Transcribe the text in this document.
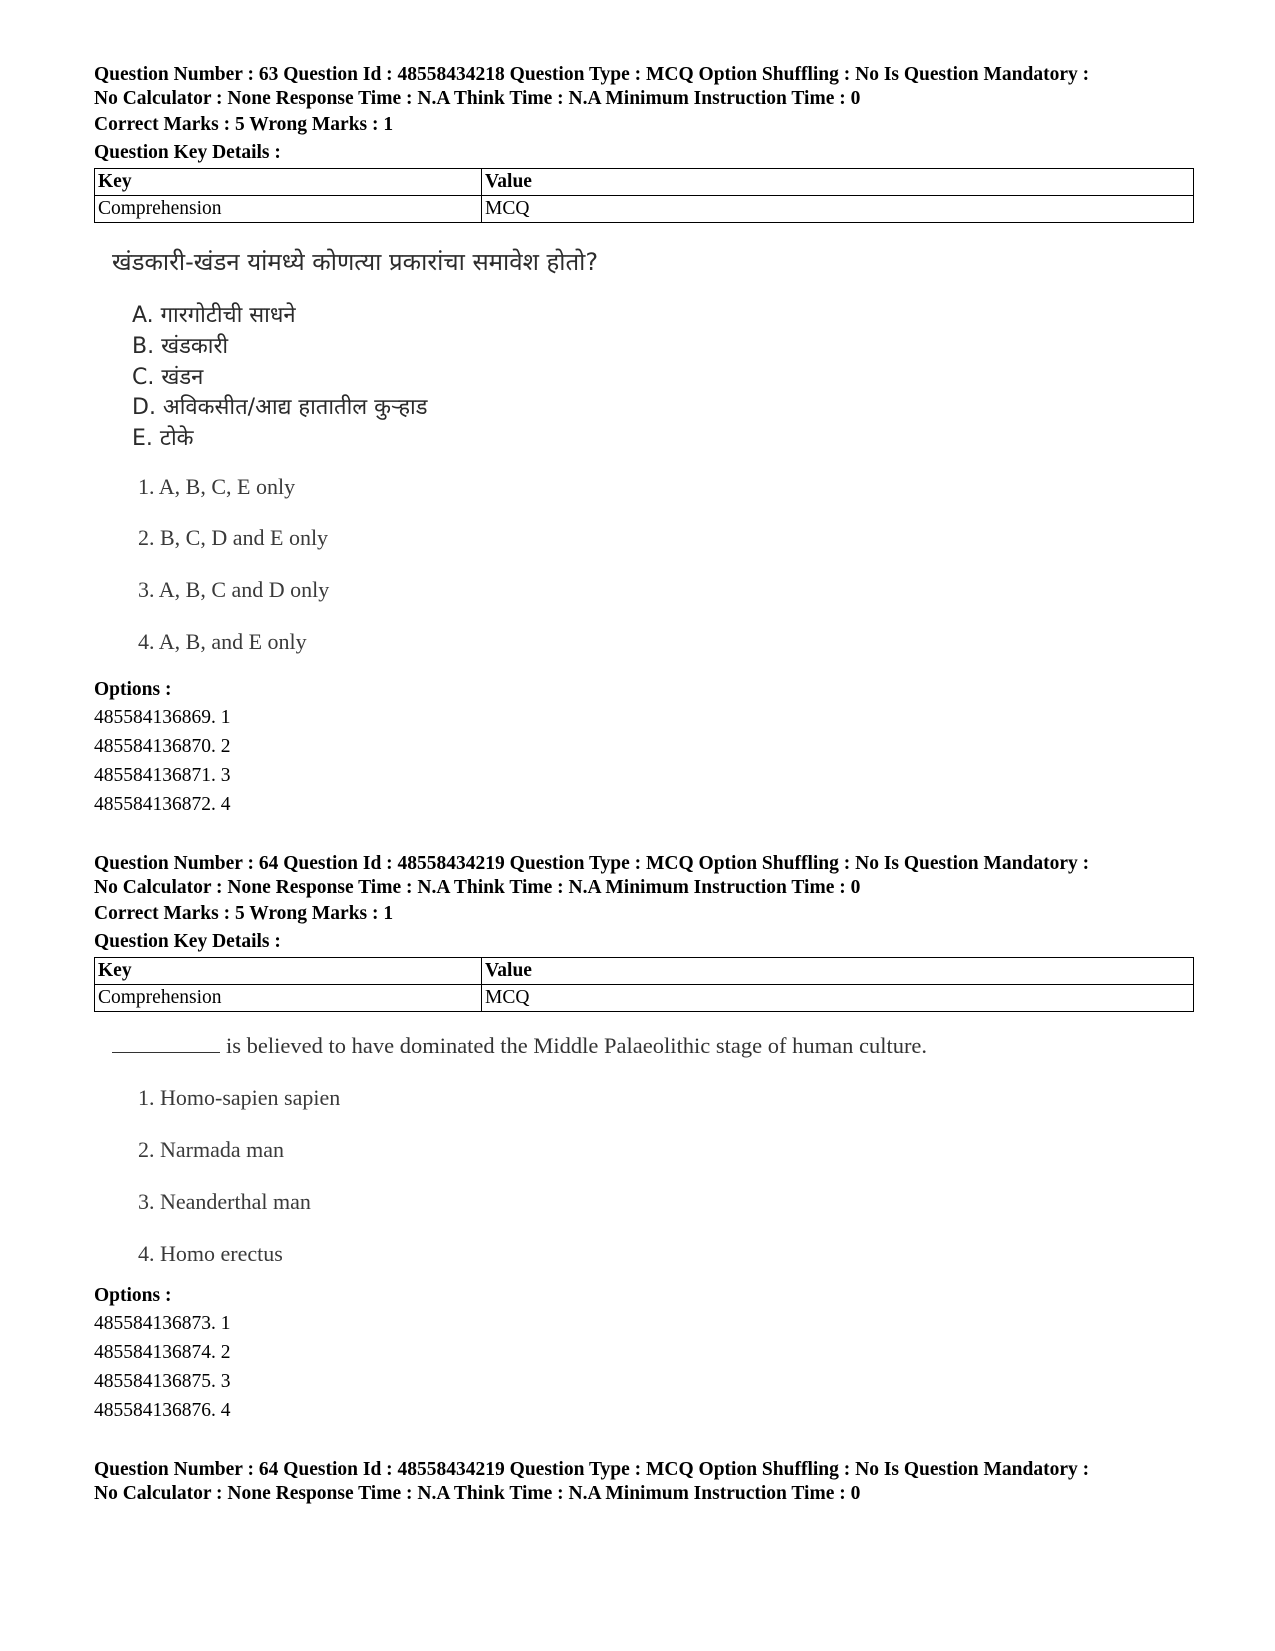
Question Number : 63 Question Id : 48558434218 Question Type : MCQ Option Shuffling : No Is Question Mandatory :
No Calculator : None Response Time : N.A Think Time : N.A Minimum Instruction Time : 0
Correct Marks : 5 Wrong Marks : 1
Question Key Details :
Key	Value
Comprehension	MCQ
खंडकारी-खंडन यांमध्ये कोणत्या प्रकारांचा समावेश होतो?
A. गारगोटीची साधने
B. खंडकारी
C. खंडन
D. अविकसीत/आद्य हातातील कुऱ्हाड
E. टोके
1. A, B, C, E only
2. B, C, D and E only
3. A, B, C and D only
4. A, B, and E only
Options :
485584136869. 1
485584136870. 2
485584136871. 3
485584136872. 4
Question Number : 64 Question Id : 48558434219 Question Type : MCQ Option Shuffling : No Is Question Mandatory :
No Calculator : None Response Time : N.A Think Time : N.A Minimum Instruction Time : 0
Correct Marks : 5 Wrong Marks : 1
Question Key Details :
Key	Value
Comprehension	MCQ
is believed to have dominated the Middle Palaeolithic stage of human culture.
1. Homo-sapien sapien
2. Narmada man
3. Neanderthal man
4. Homo erectus
Options :
485584136873. 1
485584136874. 2
485584136875. 3
485584136876. 4
Question Number : 64 Question Id : 48558434219 Question Type : MCQ Option Shuffling : No Is Question Mandatory :
No Calculator : None Response Time : N.A Think Time : N.A Minimum Instruction Time : 0
